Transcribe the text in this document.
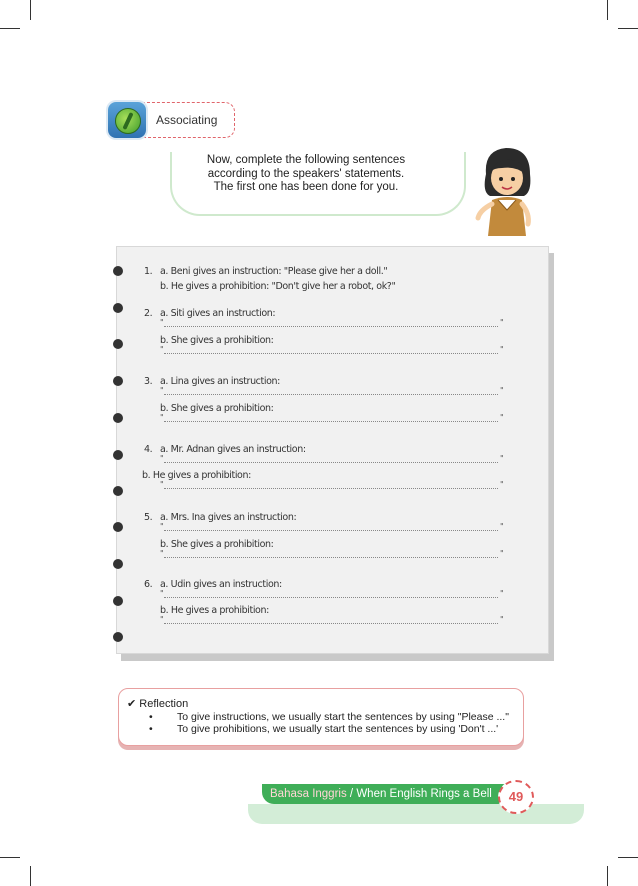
Associating
Now, complete the following sentences
according to the speakers' statements.
The first one has been done for you.
1. a. Beni gives an instruction: "Please give her a doll."
b. He gives a prohibition: "Don't give her a robot, ok?"
2. a. Siti gives an instruction:
"	"
b. She gives a prohibition:
"	"
3. a. Lina gives an instruction:
"	"
b. She gives a prohibition:
"	"
4. a. Mr. Adnan gives an instruction:
"	"
b. He gives a prohibition:
"	"
5. a. Mrs. Ina gives an instruction:
"	"
b. She gives a prohibition:
"	"
6. a. Udin gives an instruction:
"	"
b. He gives a prohibition:
"	"
✔ Reflection
• To give instructions, we usually start the sentences by using "Please ..."
• To give prohibitions, we usually start the sentences by using 'Don't ...'
Bahasa Inggris / When English Rings a Bell	49
